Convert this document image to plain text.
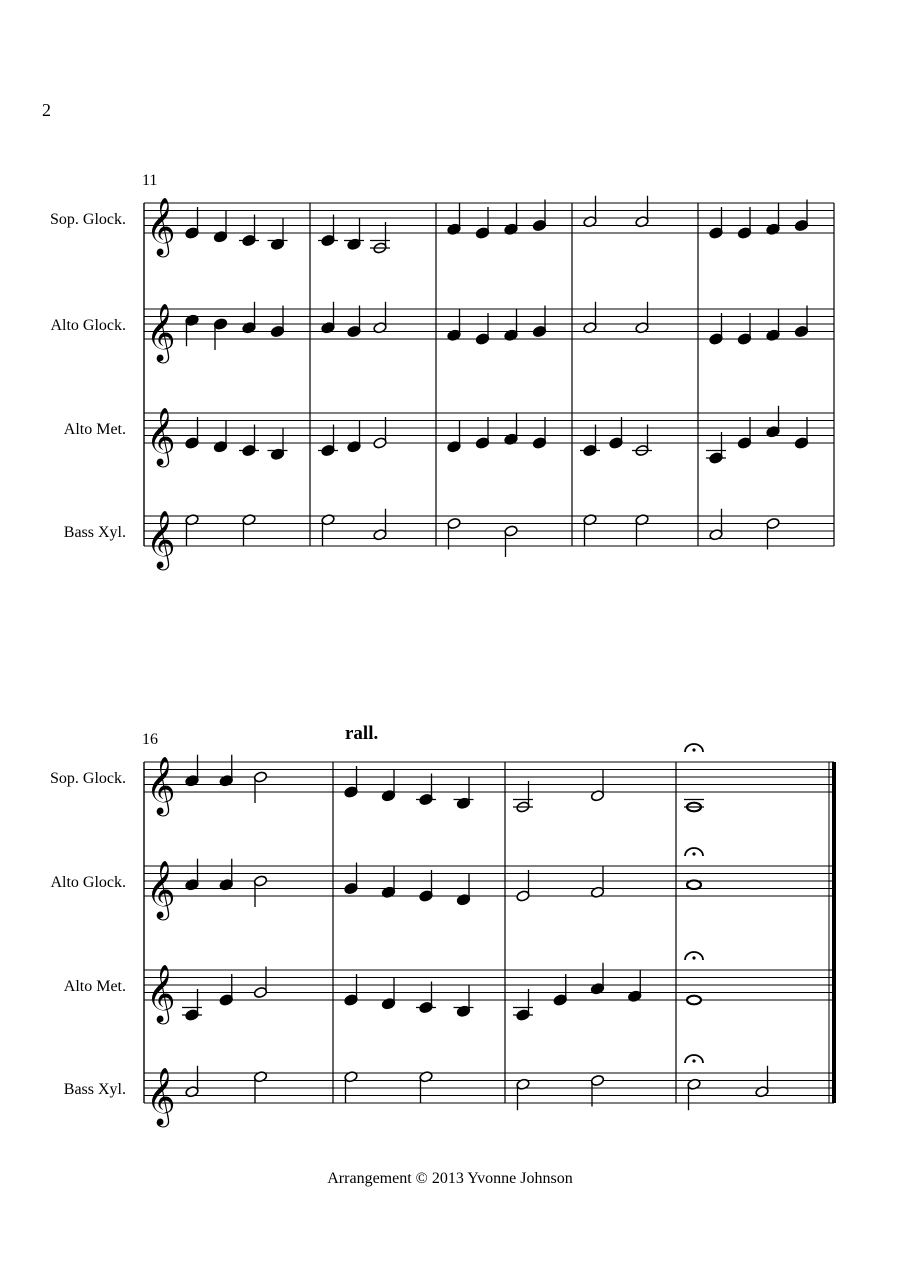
2
11
Sop. Glock. 𝄞
Alto Glock. 𝄞
Alto Met. 𝄞
Bass Xyl. 𝄞
16	rall.
Sop. Glock. 𝄞
Alto Glock. 𝄞
Alto Met. 𝄞
Bass Xyl. 𝄞
Arrangement © 2013 Yvonne Johnson
